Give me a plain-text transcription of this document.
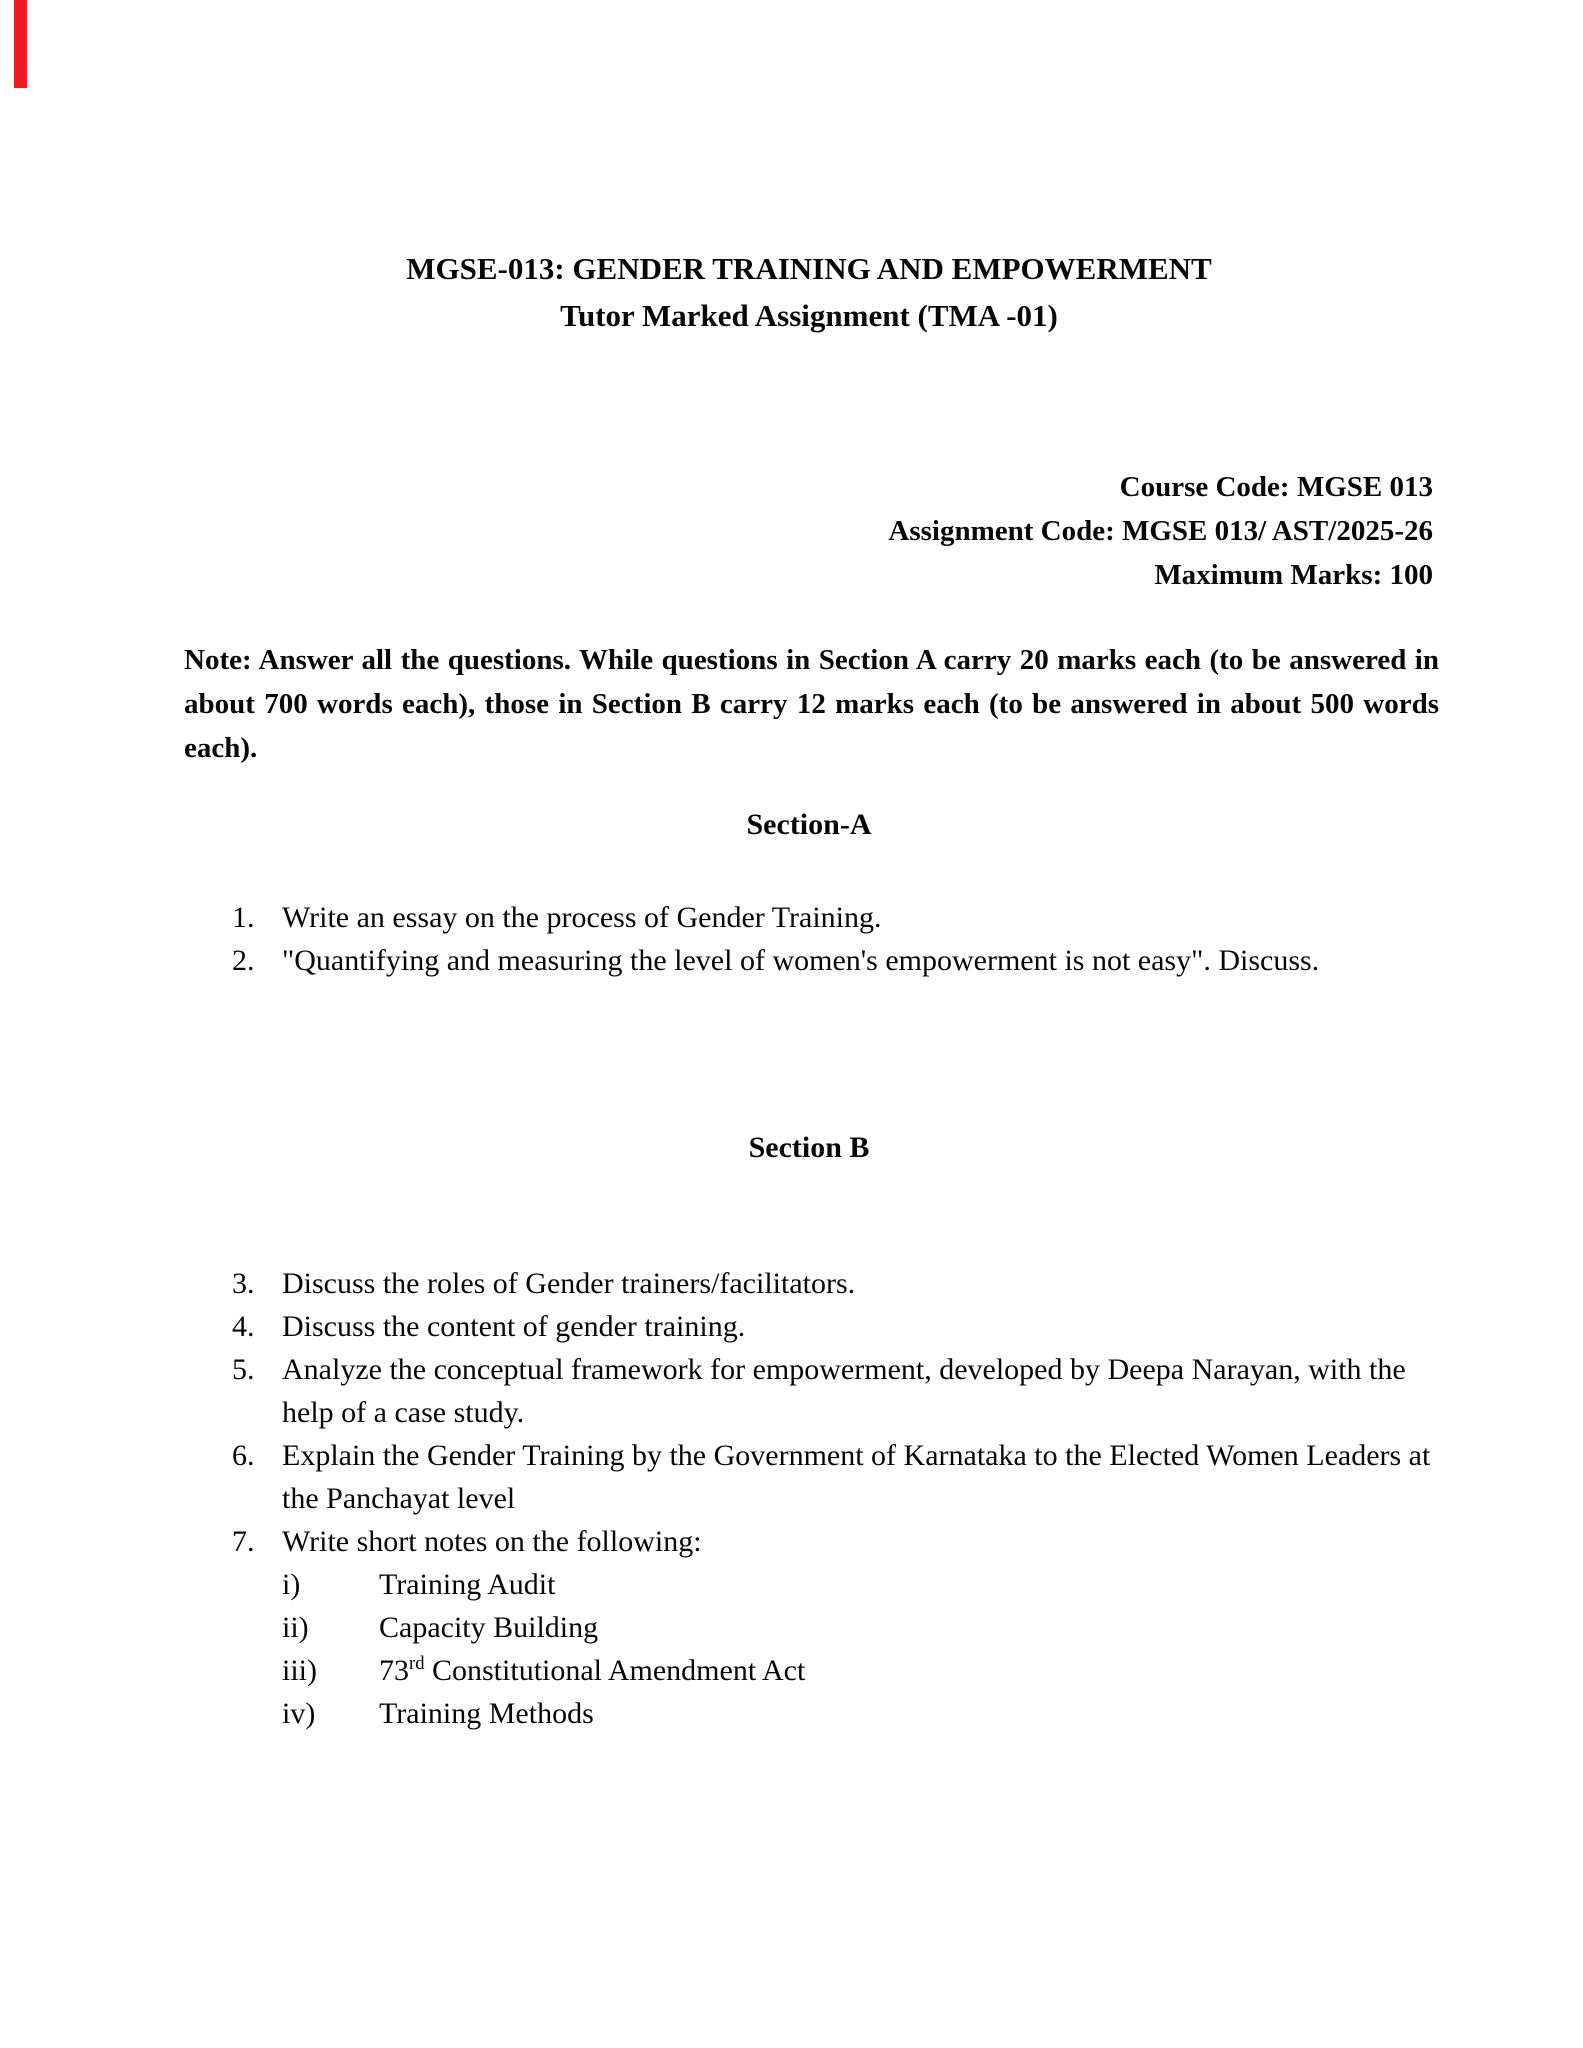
MGSE-013: GENDER TRAINING AND EMPOWERMENT
Tutor Marked Assignment (TMA -01)
Course Code: MGSE 013
Assignment Code: MGSE 013/ AST/2025-26
Maximum Marks: 100
Note: Answer all the questions. While questions in Section A carry 20 marks each (to be answered in about 700 words each), those in Section B carry 12 marks each (to be answered in about 500 words each).
Section-A
1. Write an essay on the process of Gender Training.
2. "Quantifying and measuring the level of women's empowerment is not easy". Discuss.
Section B
3. Discuss the roles of Gender trainers/facilitators.
4. Discuss the content of gender training.
5. Analyze the conceptual framework for empowerment, developed by Deepa Narayan, with the help of a case study.
6. Explain the Gender Training by the Government of Karnataka to the Elected Women Leaders at the Panchayat level
7. Write short notes on the following:
i)	Training Audit
ii)	Capacity Building
iii)	73rd Constitutional Amendment Act
iv)	Training Methods
